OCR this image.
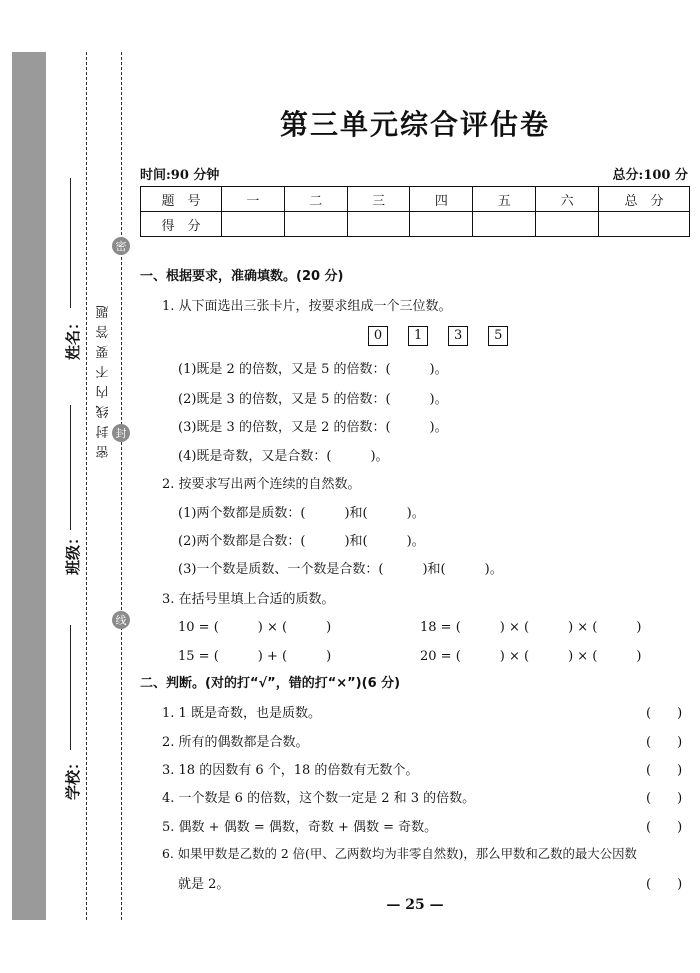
姓名：
班级：
学校：
密
封
线
密封线内不要答题
第三单元综合评估卷
时间:90 分钟	总分:100 分
题　号	一	二	三	四	五	六	总　分
得　分							
一、根据要求，准确填数。(20 分)
1. 从下面选出三张卡片，按要求组成一个三位数。
0 1 3 5
(1)既是 2 的倍数，又是 5 的倍数：(　　　)。
(2)既是 3 的倍数，又是 5 的倍数：(　　　)。
(3)既是 3 的倍数，又是 2 的倍数：(　　　)。
(4)既是奇数，又是合数：(　　　)。
2. 按要求写出两个连续的自然数。
(1)两个数都是质数：(　　　)和(　　　)。
(2)两个数都是合数：(　　　)和(　　　)。
(3)一个数是质数、一个数是合数：(　　　)和(　　　)。
3. 在括号里填上合适的质数。
10 = (　　　) × (　　　)	18 = (　　　) × (　　　) × (　　　)
15 = (　　　) + (　　　)	20 = (　　　) × (　　　) × (　　　)
二、判断。(对的打“√”，错的打“×”)(6 分)
1. 1 既是奇数，也是质数。	(　　)
2. 所有的偶数都是合数。	(　　)
3. 18 的因数有 6 个，18 的倍数有无数个。	(　　)
4. 一个数是 6 的倍数，这个数一定是 2 和 3 的倍数。	(　　)
5. 偶数 + 偶数 = 偶数，奇数 + 偶数 = 奇数。	(　　)
6. 如果甲数是乙数的 2 倍(甲、乙两数均为非零自然数)，那么甲数和乙数的最大公因数
就是 2。	(　　)
— 25 —
